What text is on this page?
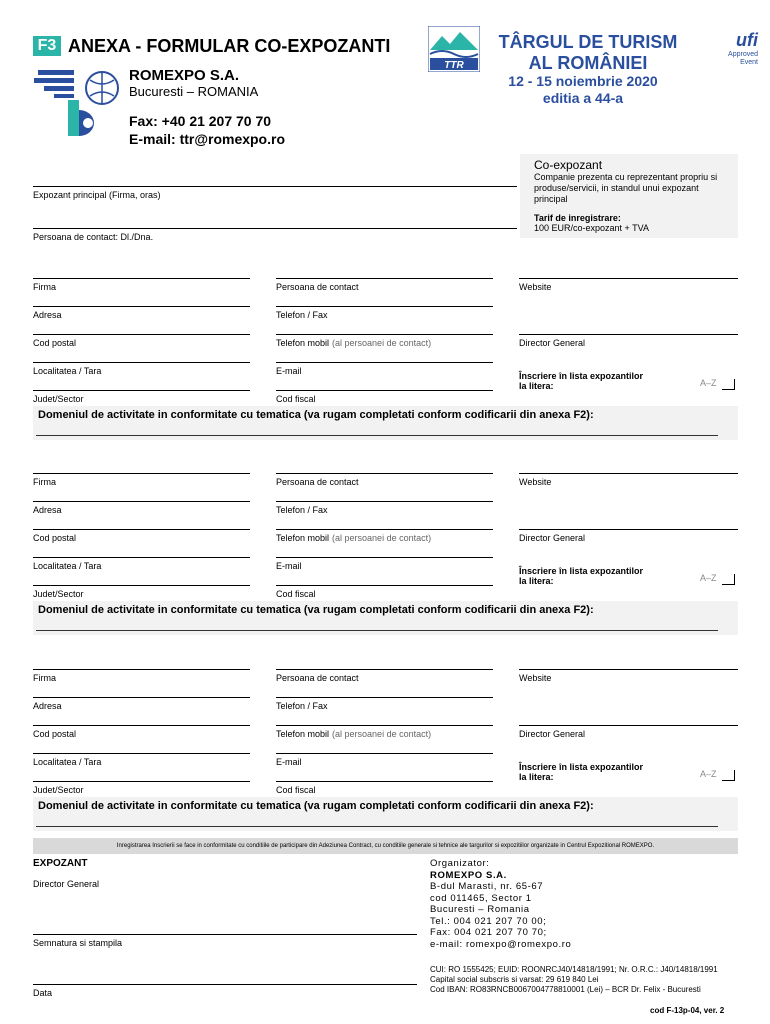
F3 ANEXA - FORMULAR CO-EXPOZANTI
ROMEXPO S.A.
Bucuresti – ROMANIA
Fax: +40 21 207 70 70
E-mail: ttr@romexpo.ro
TTR
TÂRGUL DE TURISM
AL ROMÂNIEI
12 - 15 noiembrie 2020
editia a 44-a
ufi
Approved
Event
Co-expozant
Companie prezenta cu reprezentant propriu si produse/servicii, in standul unui expozant principal
Tarif de inregistrare:
100 EUR/co-expozant + TVA
Expozant principal (Firma, oras)
Persoana de contact: Dl./Dna.
Firma	Persoana de contact	Website
Adresa	Telefon / Fax
Cod postal	Telefon mobil (al persoanei de contact)	Director General
Localitatea / Tara	E-mail
Judet/Sector	Cod fiscal
Înscriere în lista expozantilor
la litera:	A–Z
Domeniul de activitate in conformitate cu tematica (va rugam completati conform codificarii din anexa F2):
Firma	Persoana de contact	Website
Adresa	Telefon / Fax
Cod postal	Telefon mobil (al persoanei de contact)	Director General
Localitatea / Tara	E-mail
Judet/Sector	Cod fiscal
Înscriere în lista expozantilor
la litera:	A–Z
Domeniul de activitate in conformitate cu tematica (va rugam completati conform codificarii din anexa F2):
Firma	Persoana de contact	Website
Adresa	Telefon / Fax
Cod postal	Telefon mobil (al persoanei de contact)	Director General
Localitatea / Tara	E-mail
Judet/Sector	Cod fiscal
Înscriere în lista expozantilor
la litera:	A–Z
Domeniul de activitate in conformitate cu tematica (va rugam completati conform codificarii din anexa F2):
Inregistrarea Inscrierii se face in conformitate cu conditiile de participare din Adeziunea Contract, cu conditiile generale si tehnice ale targurilor si expozitiilor organizate in Centrul Expozitional ROMEXPO.
EXPOZANT
Director General
Semnatura si stampila
Data
Organizator:
ROMEXPO S.A.
B-dul Marasti, nr. 65-67
cod 011465, Sector 1
Bucuresti – Romania
Tel.: 004 021 207 70 00;
Fax: 004 021 207 70 70;
e-mail: romexpo@romexpo.ro
CUI: RO 1555425; EUID: ROONRCJ40/14818/1991; Nr. O.R.C.: J40/14818/1991
Capital social subscris si varsat: 29 619 840 Lei
Cod IBAN: RO83RNCB0067004778810001 (Lei) – BCR Dr. Felix - Bucuresti
cod F-13p-04, ver. 2
